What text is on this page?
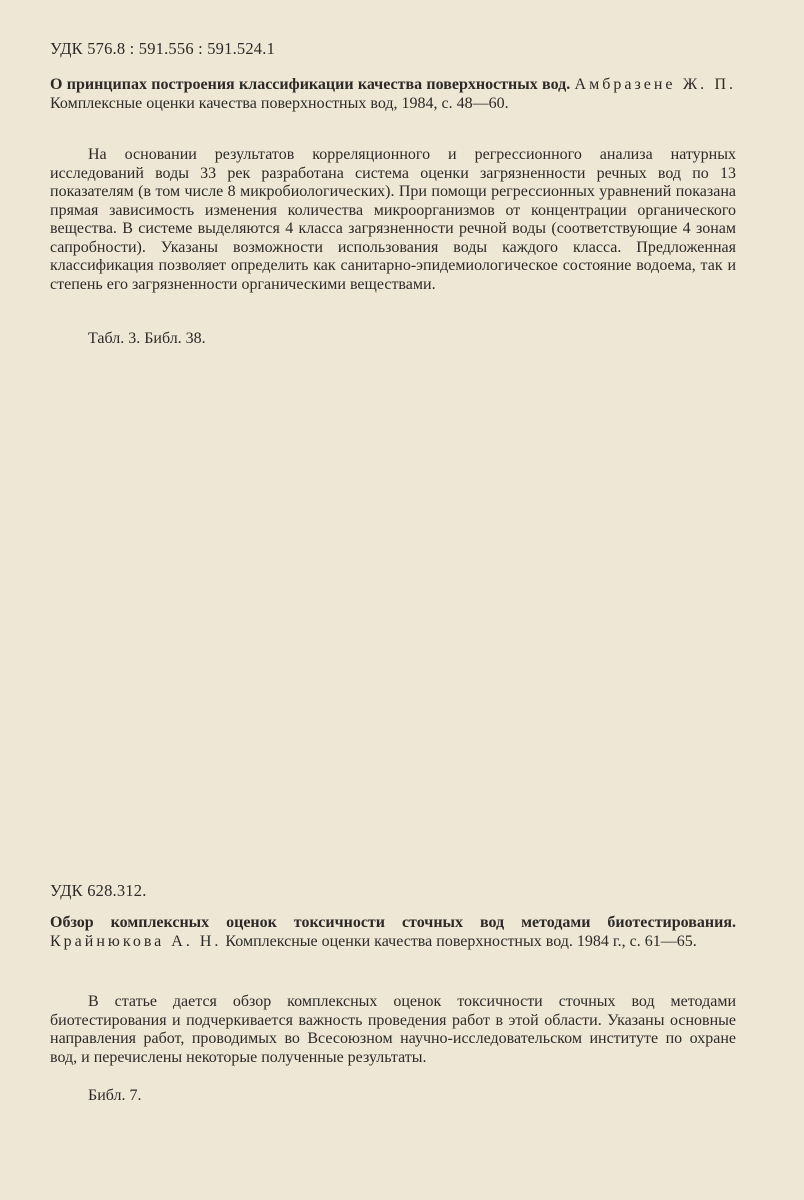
УДК 576.8 : 591.556 : 591.524.1
О принципах построения классификации качества поверхностных вод. Амбразене Ж. П. Комплексные оценки качества поверхностных вод, 1984, с. 48—60.
На основании результатов корреляционного и регрессионного анализа натурных исследований воды 33 рек разработана система оценки загрязненности речных вод по 13 показателям (в том числе 8 микробиологических). При помощи регрессионных уравнений показана прямая зависимость изменения количества микроорганизмов от концентрации органического вещества. В системе выделяются 4 класса загрязненности речной воды (соответствующие 4 зонам сапробности). Указаны возможности использования воды каждого класса. Предложенная классификация позволяет определить как санитарно-эпидемиологическое состояние водоема, так и степень его загрязненности органическими веществами.
Табл. 3. Библ. 38.
УДК 628.312.
Обзор комплексных оценок токсичности сточных вод методами биотестирования. Крайнюкова А. Н. Комплексные оценки качества поверхностных вод. 1984 г., с. 61—65.
В статье дается обзор комплексных оценок токсичности сточных вод методами биотестирования и подчеркивается важность проведения работ в этой области. Указаны основные направления работ, проводимых во Всесоюзном научно-исследовательском институте по охране вод, и перечислены некоторые полученные результаты.
Библ. 7.
